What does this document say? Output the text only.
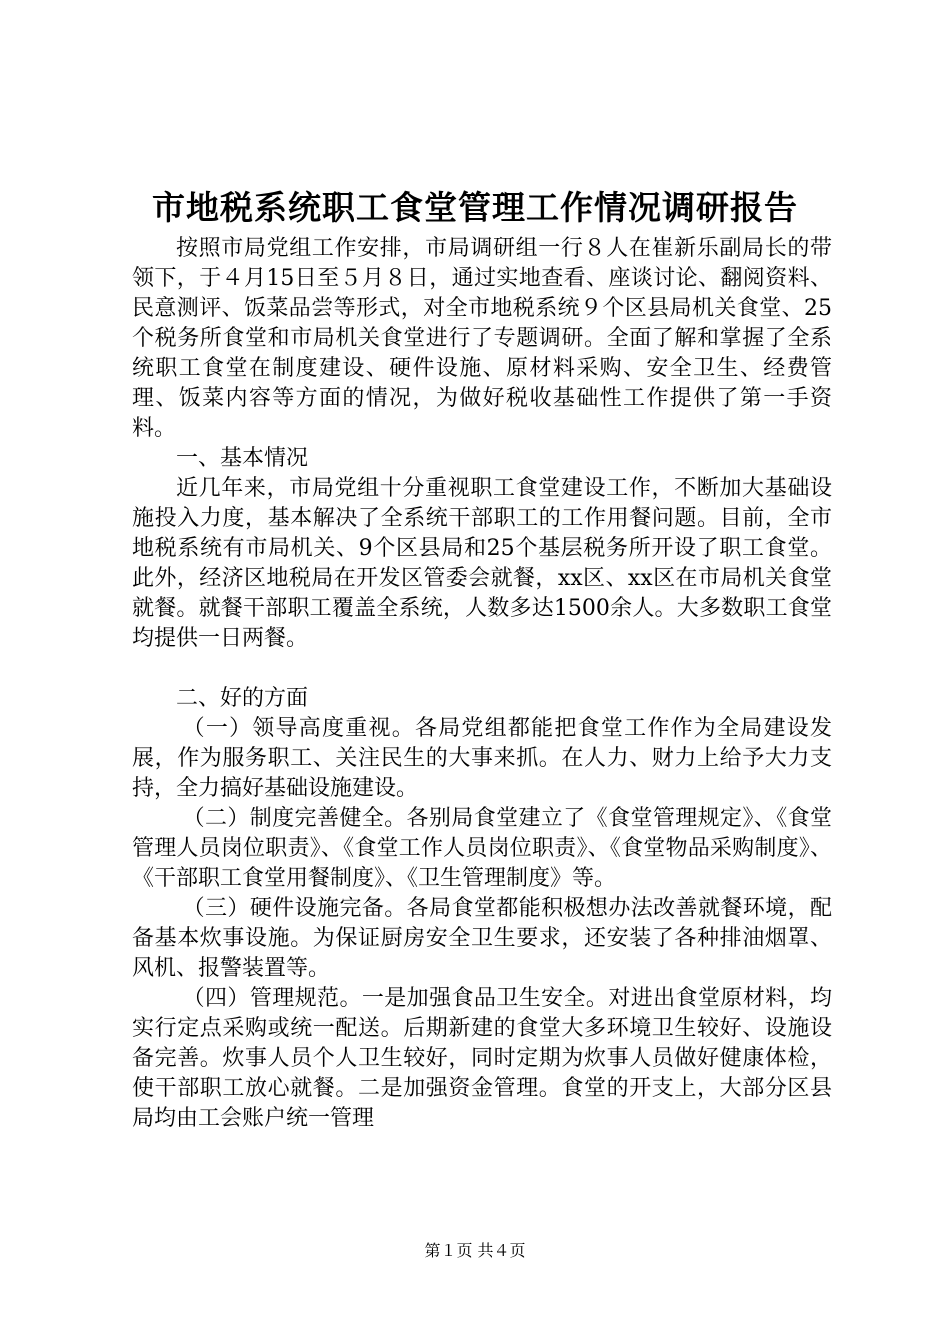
市地税系统职工食堂管理工作情况调研报告

按照市局党组工作安排，市局调研组一行８人在崔新乐副局长的带领下，于４月15日至５月８日，通过实地查看、座谈讨论、翻阅资料、民意测评、饭菜品尝等形式，对全市地税系统９个区县局机关食堂、25个税务所食堂和市局机关食堂进行了专题调研。全面了解和掌握了全系统职工食堂在制度建设、硬件设施、原材料采购、安全卫生、经费管理、饭菜内容等方面的情况，为做好税收基础性工作提供了第一手资料。

一、基本情况

近几年来，市局党组十分重视职工食堂建设工作，不断加大基础设施投入力度，基本解决了全系统干部职工的工作用餐问题。目前，全市地税系统有市局机关、9个区县局和25个基层税务所开设了职工食堂。此外，经济区地税局在开发区管委会就餐，xx区、xx区在市局机关食堂就餐。就餐干部职工覆盖全系统，人数多达1500余人。大多数职工食堂均提供一日两餐。

二、好的方面

（一）领导高度重视。各局党组都能把食堂工作作为全局建设发展，作为服务职工、关注民生的大事来抓。在人力、财力上给予大力支持，全力搞好基础设施建设。

（二）制度完善健全。各别局食堂建立了《食堂管理规定》、《食堂管理人员岗位职责》、《食堂工作人员岗位职责》、《食堂物品采购制度》、《干部职工食堂用餐制度》、《卫生管理制度》等。

（三）硬件设施完备。各局食堂都能积极想办法改善就餐环境，配备基本炊事设施。为保证厨房安全卫生要求，还安装了各种排油烟罩、风机、报警装置等。

（四）管理规范。一是加强食品卫生安全。对进出食堂原材料，均实行定点采购或统一配送。后期新建的食堂大多环境卫生较好、设施设备完善。炊事人员个人卫生较好，同时定期为炊事人员做好健康体检，使干部职工放心就餐。二是加强资金管理。食堂的开支上，大部分区县局均由工会账户统一管理

第１页 共４页
